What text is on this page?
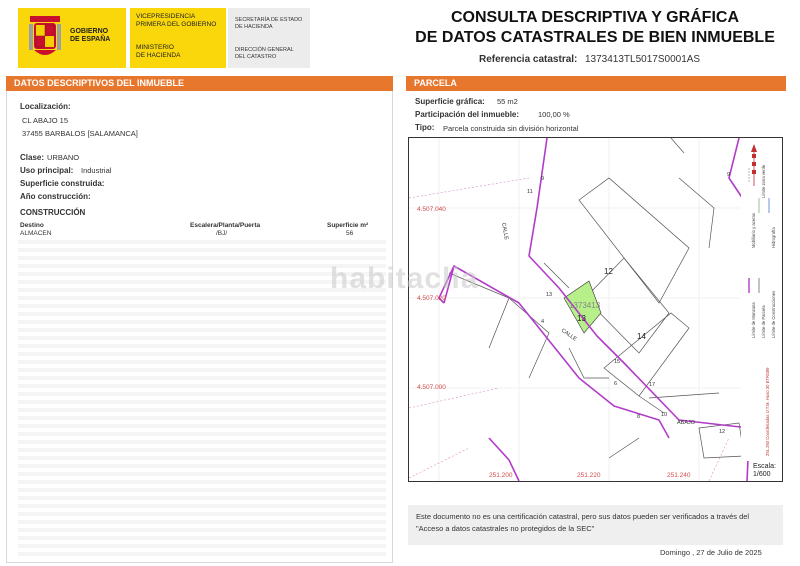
GOBIERNO
DE ESPAÑA
VICEPRESIDENCIA
PRIMERA DEL GOBIERNO
MINISTERIO
DE HACIENDA
SECRETARÍA DE ESTADO
DE HACIENDA
DIRECCIÓN GENERAL
DEL CATASTRO
CONSULTA DESCRIPTIVA Y GRÁFICA
DE DATOS CATASTRALES DE BIEN INMUEBLE
Referencia catastral: 1373413TL5017S0001AS
DATOS DESCRIPTIVOS DEL INMUEBLE
Localización:
CL ABAJO 15
37455 BARBALOS [SALAMANCA]
Clase: URBANO
Uso principal: Industrial
Superficie construida:
Año construcción:
CONSTRUCCIÓN
Destino	Escalera/Planta/Puerta	Superficie m²
ALMACEN	/BJ/	56
PARCELA
Superficie gráfica: 55 m2
Participación del inmueble:	100,00 %
Tipo: Parcela construida sin división horizontal
4.507.040
4.507.020
4.507.000
251.200	251.220	251.240
12
13
14
1373413
CALLE
CALLE
ABAJO
11
9
13
4
15
6	17
8	10
12
9
Límite de Manzana Límite de Parcela Límite de Construcciones
Mobiliario y aceras
Límite zona verde
Hidrografía
251.260 Coordenadas U.T.M. Huso 30 ETRS89
Escala:
1/600
habitaclia
Este documento no es una certificación catastral, pero sus datos pueden ser verificados a través del "Acceso a datos catastrales no protegidos de la SEC"
Domingo , 27 de Julio de 2025
